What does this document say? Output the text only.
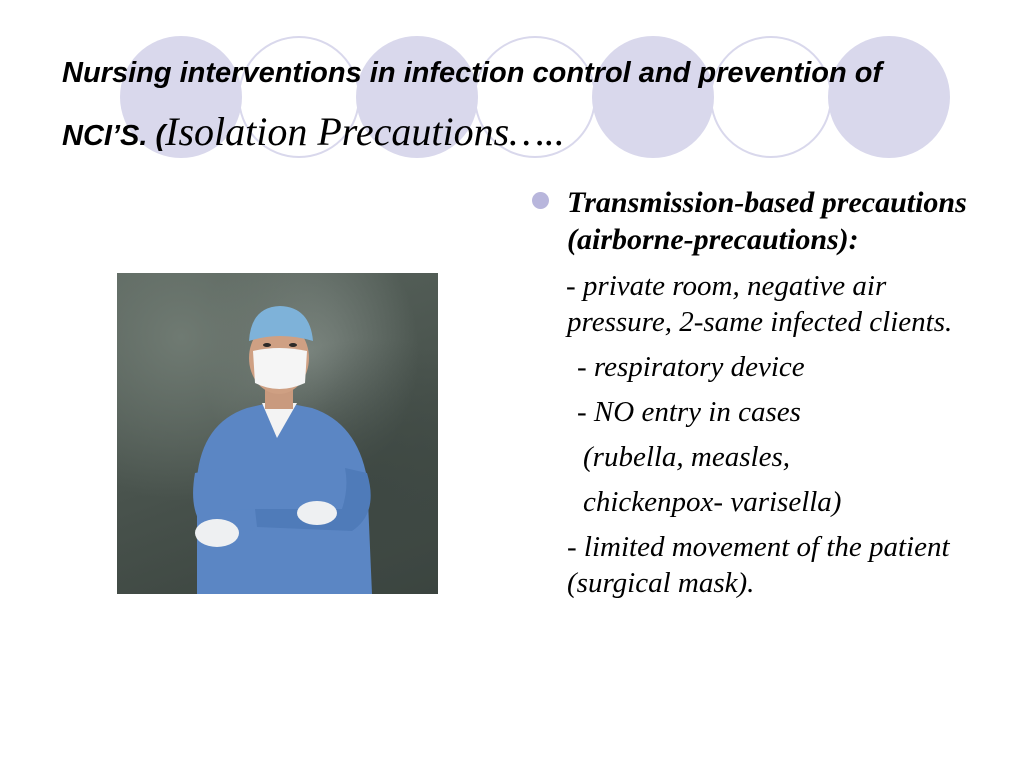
Nursing interventions in infection control and prevention of NCI’S. (Isolation Precautions…..
Transmission-based precautions (airborne-precautions):
- private room, negative air pressure, 2-same infected clients.
- respiratory device
- NO entry in cases
(rubella, measles,
chickenpox- varisella)
- limited movement of the patient (surgical mask).
